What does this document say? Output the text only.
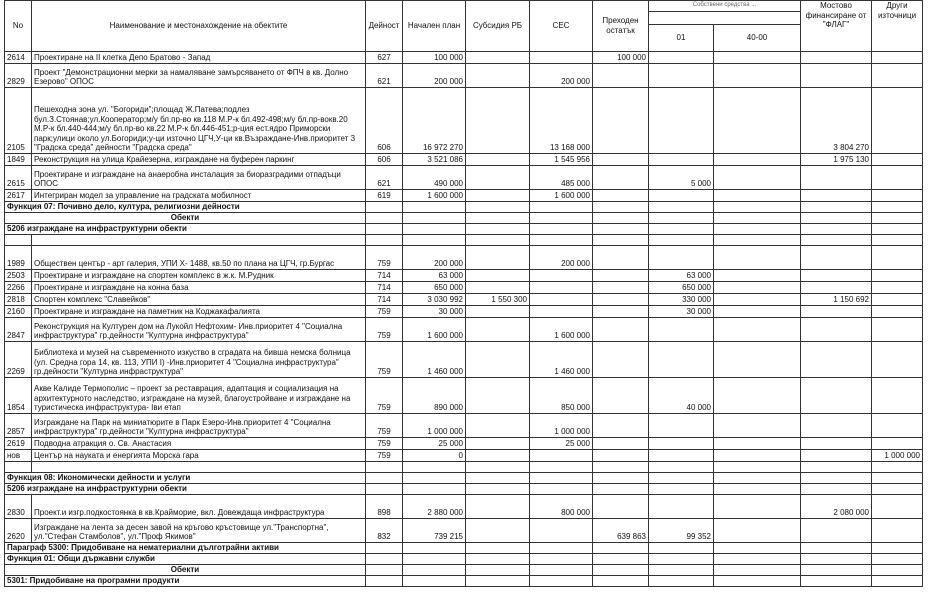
No	Наименование и местонахождение на обектите	Дейност	Начален план	Субсидия РБ	СЕС	Преходен остатък	Собствени средства ...		Мостово финансиране от "ФЛАГ"	Други източници

							01	40-00		
2614	Проектиране на II клетка Депо Братово - Запад	627	100 000			100 000				
2829	Проект "Демонстрационни мерки за намаляване замърсяването от ФПЧ в кв. Долно Езерово" ОПОС	621	200 000		200 000					
2105	Пешеходна зона ул. "Богориди";площад Ж.Патева;подлез бул.З.Стоянав;ул.Кооператор;м/у бл.пр-во кв.118 М.Р-к бл.492-498;м/у бл.пр-вокв.20 М.Р-к бл.440-444;м/у бл.пр-во кв.22 М.Р-к бл.446-451;р-ция ест.ядро Приморски парк;улици около ул.Богориди;у-ци източно ЦГЧ,У-ци кв.Възраждане-Инв.приоритет 3 "Градска среда" дейности "Градска среда"	606	16 972 270		13 168 000				3 804 270	
1849	Реконструкция на улица Крайезерна, изграждане на буферен паркинг	606	3 521 086		1 545 956				1 975 130	
2615	Проектиране и изграждане на анаеробна инсталация за биоразградими отпадъци ОПОС	621	490 000		485 000		5 000			
2617	Интегриран модел за управление на градската мобилност	619	1 600 000		1 600 000					
Функция 07: Почивно дело, култура, религиозни дейности										
Обекти										
5206 изграждане на инфраструктурни обекти										

1989	Обществен център - арт галерия, УПИ Х- 1488, кв.50 по плана на ЦГЧ, гр.Бургас	759	200 000		200 000					
2503	Проектиране и изграждане на спортен комплекс в ж.к. М.Рудник	714	63 000				63 000			
2266	Проектиране и изграждане на конна база	714	650 000				650 000			
2818	Спортен комплекс "Славейков"	714	3 030 992	1 550 300			330 000		1 150 692	
2160	Проектиране и изграждане на паметник на Коджакафалията	759	30 000				30 000			
2847	Реконструкция на Културен дом на Лукойл Нефтохим- Инв.приоритет 4 "Социална инфраструктура" гр.дейности "Културна инфраструктура"	759	1 600 000		1 600 000					
2269	Библиотека и музей на съвременното изкуство в сградата на бивша немска болница (ул. Средна гора 14, кв. 113, УПИ I) -Инв.приоритет 4 "Социална инфраструктура" гр.дейности "Културна инфраструктура"	759	1 460 000		1 460 000					
1854	Акве Калиде Термополис – проект за реставрация, адаптация и социализация на архитектурното наследство, изграждане на музей, благоустройване и изграждане на туристическа инфраструктура- Iви етап	759	890 000		850 000		40 000			
2857	Изграждане на Парк на миниатюрите в Парк Езеро-Инв.приоритет 4 "Социална инфраструктура" гр.дейности "Културна инфраструктура"	759	1 000 000		1 000 000					
2619	Подводна атракция о. Св. Анастасия	759	25 000		25 000					
нов	Център на науката и енергията Морска гара	759	0							1 000 000

Функция 08: Икономически дейности и услуги										
5206 изграждане на инфраструктурни обекти										
2830	Проект.и изгр.подкостоянка в кв.Крайморие, вкл. Довеждаща инфраструктура	898	2 880 000		800 000				2 080 000	
2620	Изграждане на лента за десен завой на кръгово кръстовище ул."Транспортна", ул."Стефан Стамболов", ул."Проф Якимов"	832	739 215			639 863	99 352			
Параграф 5300: Придобиване на нематериални дълготрайни активи										
Функция 01: Общи държавни служби										
Обекти										
5301: Придобиване на програмни продукти										
